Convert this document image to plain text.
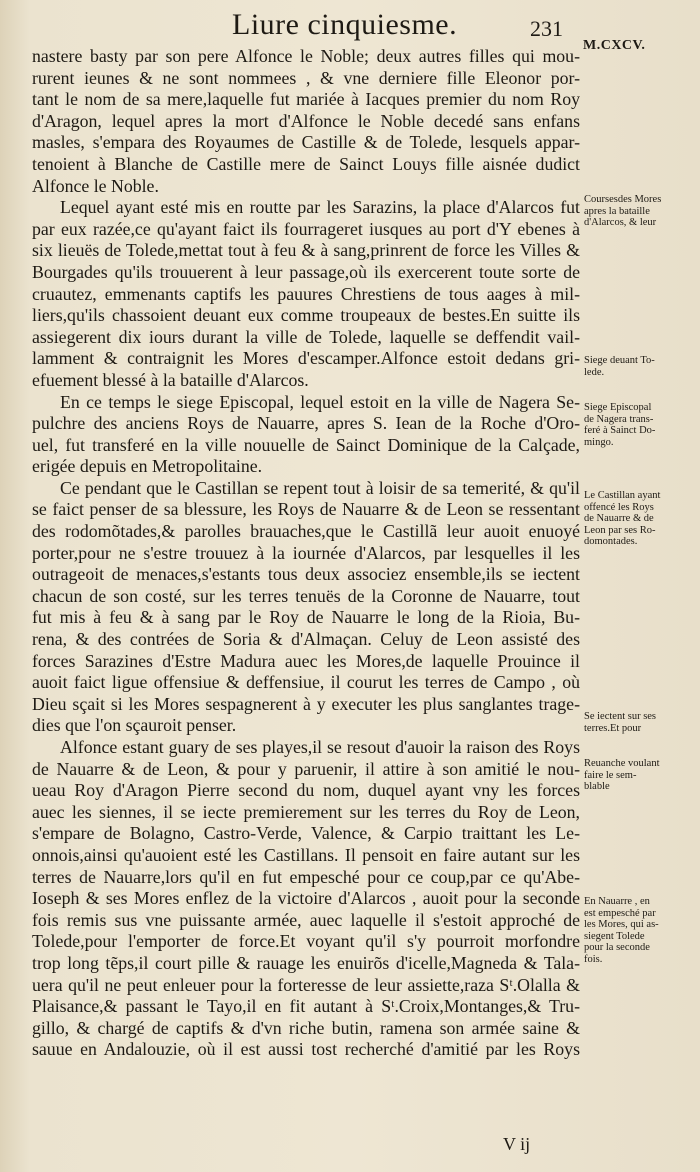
Liure cinquiesme.	231
M.CXCV.
nastere basty par son pere Alfonce le Noble; deux autres filles qui mou-
rurent ieunes & ne sont nommees , & vne derniere fille Eleonor por-
tant le nom de sa mere,laquelle fut mariée à Iacques premier du nom Roy
d'Aragon, lequel apres la mort d'Alfonce le Noble decedé sans enfans
masles, s'empara des Royaumes de Castille & de Tolede, lesquels appar-
tenoient à Blanche de Castille mere de Sainct Louys fille aisnée dudict
Alfonce le Noble.
Lequel ayant esté mis en routte par les Sarazins, la place d'Alarcos fut
par eux razée,ce qu'ayant faict ils fourrageret iusques au port d'Y ebenes à
six lieuës de Tolede,mettat tout à feu & à sang,prinrent de force les Villes &
Bourgades qu'ils trouuerent à leur passage,où ils exercerent toute sorte de
cruautez, emmenants captifs les pauures Chrestiens de tous aages à mil-
liers,qu'ils chassoient deuant eux comme troupeaux de bestes.En suitte ils
assiegerent dix iours durant la ville de Tolede, laquelle se deffendit vail-
lamment & contraignit les Mores d'escamper.Alfonce estoit dedans gri-
efuement blessé à la bataille d'Alarcos.
En ce temps le siege Episcopal, lequel estoit en la ville de Nagera Se-
pulchre des anciens Roys de Nauarre, apres S. Iean de la Roche d'Oro-
uel, fut transferé en la ville nouuelle de Sainct Dominique de la Calçade,
erigée depuis en Metropolitaine.
Ce pendant que le Castillan se repent tout à loisir de sa temerité, & qu'il
se faict penser de sa blessure, les Roys de Nauarre & de Leon se ressentant
des rodomõtades,& parolles brauaches,que le Castillã leur auoit enuoyé
porter,pour ne s'estre trouuez à la iournée d'Alarcos, par lesquelles il les
outrageoit de menaces,s'estants tous deux associez ensemble,ils se iectent
chacun de son costé, sur les terres tenuës de la Coronne de Nauarre, tout
fut mis à feu & à sang par le Roy de Nauarre le long de la Rioia, Bu-
rena, & des contrées de Soria & d'Almaçan. Celuy de Leon assisté des
forces Sarazines d'Estre Madura auec les Mores,de laquelle Prouince il
auoit faict ligue offensiue & deffensiue, il courut les terres de Campo , où
Dieu sçait si les Mores sespagnerent à y executer les plus sanglantes trage-
dies que l'on sçauroit penser.
Alfonce estant guary de ses playes,il se resout d'auoir la raison des Roys
de Nauarre & de Leon, & pour y paruenir, il attire à son amitié le nou-
ueau Roy d'Aragon Pierre second du nom, duquel ayant vny les forces
auec les siennes, il se iecte premierement sur les terres du Roy de Leon,
s'empare de Bolagno, Castro-Verde, Valence, & Carpio traittant les Le-
onnois,ainsi qu'auoient esté les Castillans. Il pensoit en faire autant sur les
terres de Nauarre,lors qu'il en fut empesché pour ce coup,par ce qu'Abe-
Ioseph & ses Mores enflez de la victoire d'Alarcos , auoit pour la seconde
fois remis sus vne puissante armée, auec laquelle il s'estoit approché de
Tolede,pour l'emporter de force.Et voyant qu'il s'y pourroit morfondre
trop long tẽps,il court pille & rauage les enuirõs d'icelle,Magneda & Tala-
uera qu'il ne peut enleuer pour la forteresse de leur assiette,raza Sᵗ.Olalla &
Plaisance,& passant le Tayo,il en fit autant à Sᵗ.Croix,Montanges,& Tru-
gillo, & chargé de captifs & d'vn riche butin, ramena son armée saine &
sauue en Andalouzie, où il est aussi tost recherché d'amitié par les Roys
Coursesdes Mores
apres la bataille
d'Alarcos, & leur
Siege deuant To-
lede.
Siege Episcopal
de Nagera trans-
feré à Sainct Do-
mingo.
Le Castillan ayant
offencé les Roys
de Nauarre & de
Leon par ses Ro-
domontades.
Se iectent sur ses
terres.Et pour
Reuanche voulant
faire le sem-
blable
En Nauarre , en
est empesché par
les Mores, qui as-
siegent Tolede
pour la seconde
fois.
V ij
